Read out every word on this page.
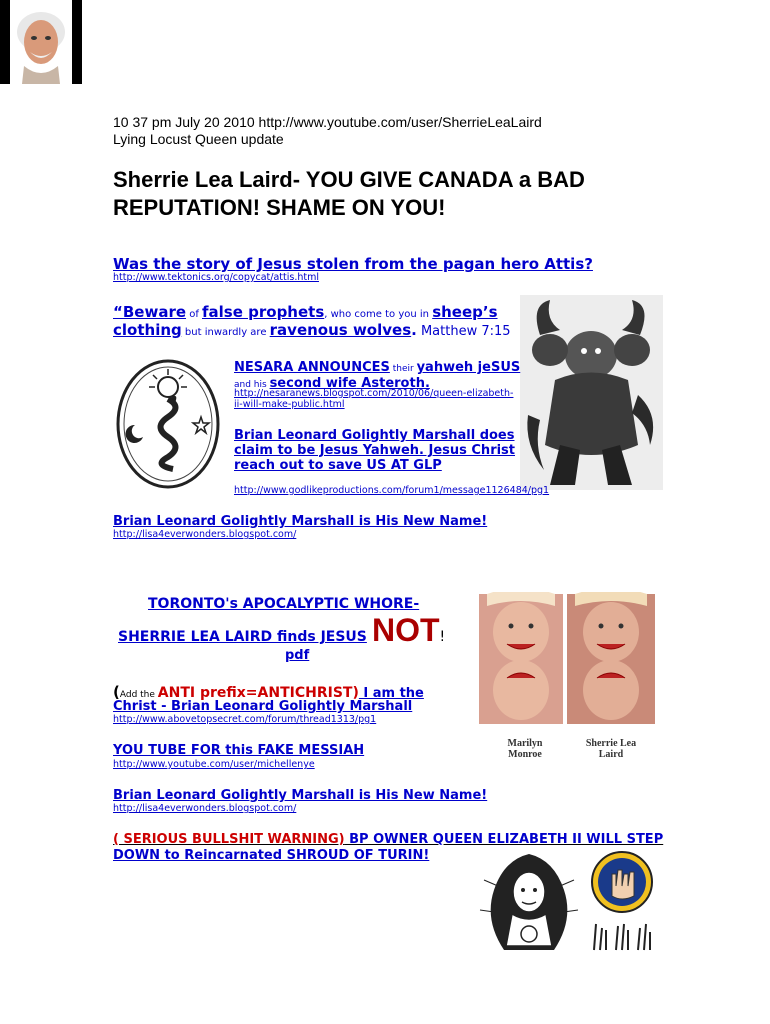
10 37 pm July 20 2010 http://www.youtube.com/user/SherrieLeaLaird
Lying Locust Queen update
Sherrie Lea Laird- YOU GIVE CANADA a BAD
REPUTATION! SHAME ON YOU!
Was the story of Jesus stolen from the pagan hero Attis?
http://www.tektonics.org/copycat/attis.html
“Beware of false prophets, who come to you in sheep’s
clothing but inwardly are ravenous wolves. Matthew 7:15
NESARA ANNOUNCES their yahweh jeSUS
and his second wife Asteroth.
http://nesaranews.blogspot.com/2010/06/queen-elizabeth-
ii-will-make-public.html
Brian Leonard Golightly Marshall does
claim to be Jesus Yahweh. Jesus Christ
reach out to save US AT GLP
http://www.godlikeproductions.com/forum1/message1126484/pg1
Brian Leonard Golightly Marshall is His New Name!
http://lisa4everwonders.blogspot.com/
TORONTO's APOCALYPTIC WHORE-
SHERRIE LEA LAIRD finds JESUS NOT!
pdf
Marilyn
Monroe
Sherrie Lea
Laird
(Add the ANTI prefix=ANTICHRIST) I am the
Christ - Brian Leonard Golightly Marshall
http://www.abovetopsecret.com/forum/thread1313/pg1
YOU TUBE FOR this FAKE MESSIAH
http://www.youtube.com/user/michellenye
Brian Leonard Golightly Marshall is His New Name!
http://lisa4everwonders.blogspot.com/
( SERIOUS BULLSHIT WARNING) BP OWNER QUEEN ELIZABETH II WILL STEP
DOWN to Reincarnated SHROUD OF TURIN!
